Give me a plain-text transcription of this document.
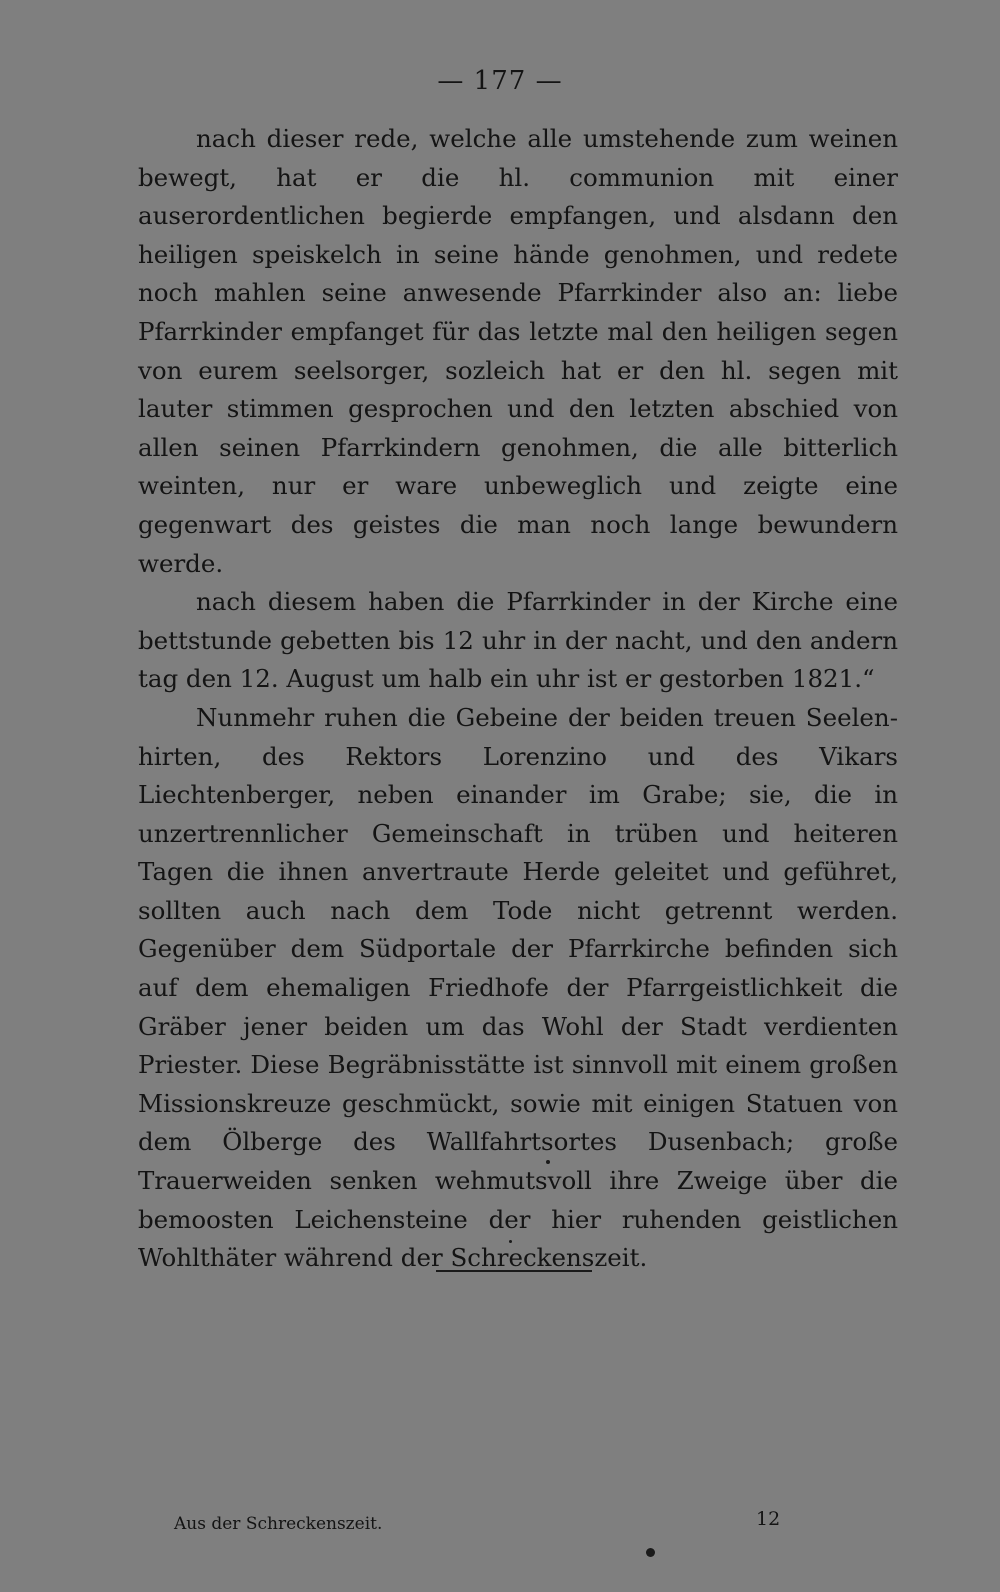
— 177 —

nach dieser rede, welche alle umstehende zum weinen bewegt, hat er die hl. communion mit einer auserordentlichen begierde empfangen, und alsdann den heiligen speiskelch in seine hände genohmen, und redete noch mahlen seine anwesende Pfarrkinder also an: liebe Pfarrkinder empfanget für das letzte mal den heiligen segen von eurem seelsorger, sozleich hat er den hl. segen mit lauter stimmen gesprochen und den letzten abschied von allen seinen Pfarrkindern genohmen, die alle bitterlich weinten, nur er ware unbeweglich und zeigte eine gegenwart des geistes die man noch lange bewundern werde.

nach diesem haben die Pfarrkinder in der Kirche eine bettstunde gebetten bis 12 uhr in der nacht, und den andern tag den 12. August um halb ein uhr ist er gestorben 1821.“

Nunmehr ruhen die Gebeine der beiden treuen Seelenhirten, des Rektors Lorenzino und des Vikars Liechtenberger, neben einander im Grabe; sie, die in unzertrennlicher Gemeinschaft in trüben und heiteren Tagen die ihnen anvertraute Herde geleitet und geführet, sollten auch nach dem Tode nicht getrennt werden. Gegenüber dem Südportale der Pfarrkirche befinden sich auf dem ehemaligen Friedhofe der Pfarrgeistlichkeit die Gräber jener beiden um das Wohl der Stadt verdienten Priester. Diese Begräbnisstätte ist sinnvoll mit einem großen Missionskreuze geschmückt, sowie mit einigen Statuen von dem Ölberge des Wallfahrtsortes Dusenbach; große Trauerweiden senken wehmutsvoll ihre Zweige über die bemoosten Leichensteine der hier ruhenden geistlichen Wohlthäter während der Schreckenszeit.

Aus der Schreckenszeit.	12
